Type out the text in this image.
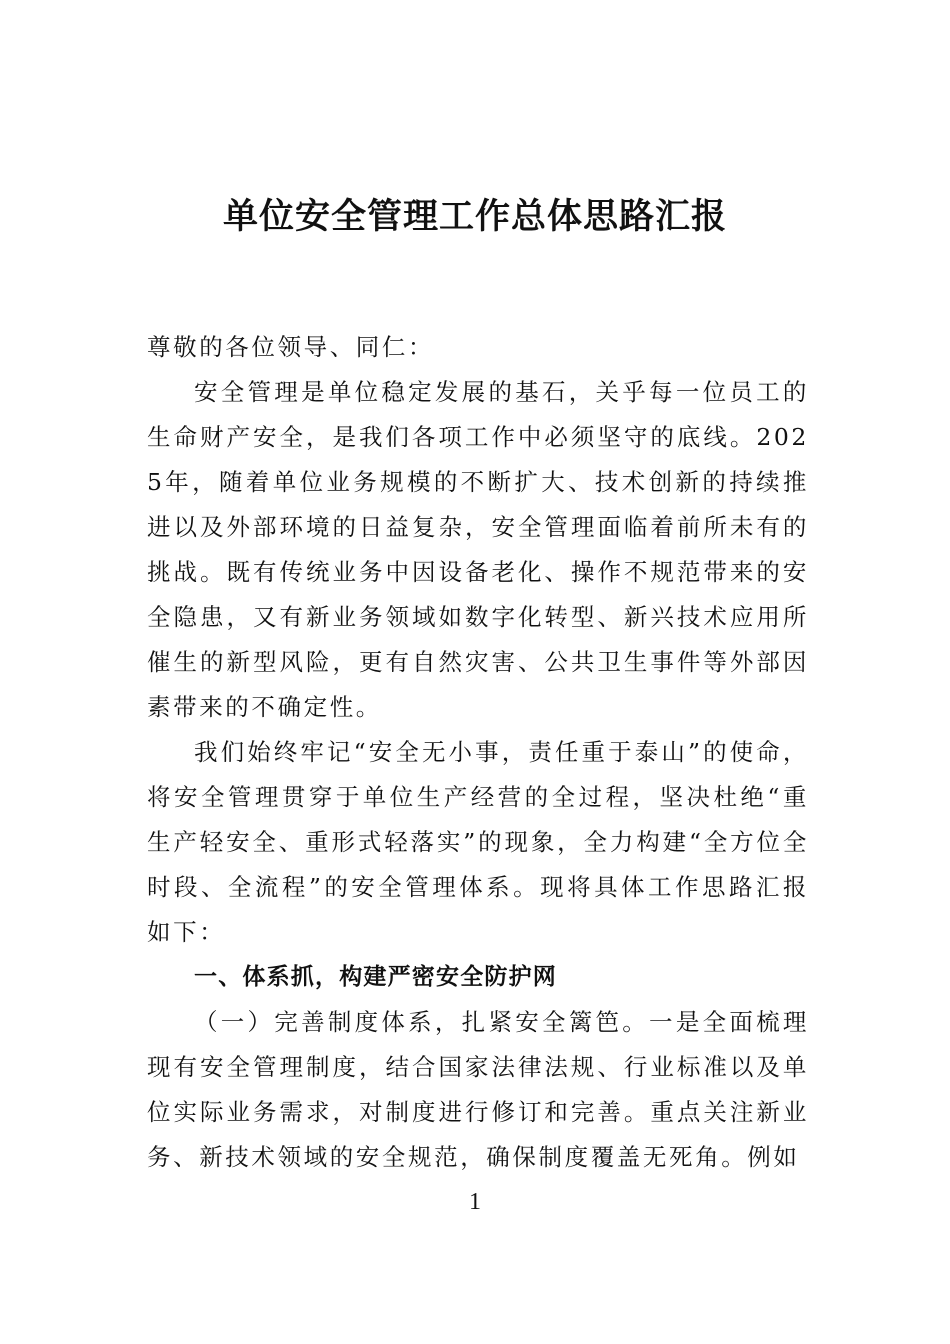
单位安全管理工作总体思路汇报

尊敬的各位领导、同仁：

安全管理是单位稳定发展的基石，关乎每一位员工的生命财产安全，是我们各项工作中必须坚守的底线。2025年，随着单位业务规模的不断扩大、技术创新的持续推进以及外部环境的日益复杂，安全管理面临着前所未有的挑战。既有传统业务中因设备老化、操作不规范带来的安全隐患，又有新业务领域如数字化转型、新兴技术应用所催生的新型风险，更有自然灾害、公共卫生事件等外部因素带来的不确定性。

我们始终牢记“安全无小事，责任重于泰山”的使命，将安全管理贯穿于单位生产经营的全过程，坚决杜绝“重生产轻安全、重形式轻落实”的现象，全力构建“全方位全时段、全流程”的安全管理体系。现将具体工作思路汇报如下：

一、体系抓，构建严密安全防护网

（一）完善制度体系，扎紧安全篱笆。一是全面梳理现有安全管理制度，结合国家法律法规、行业标准以及单位实际业务需求，对制度进行修订和完善。重点关注新业务、新技术领域的安全规范，确保制度覆盖无死角。例如

1
